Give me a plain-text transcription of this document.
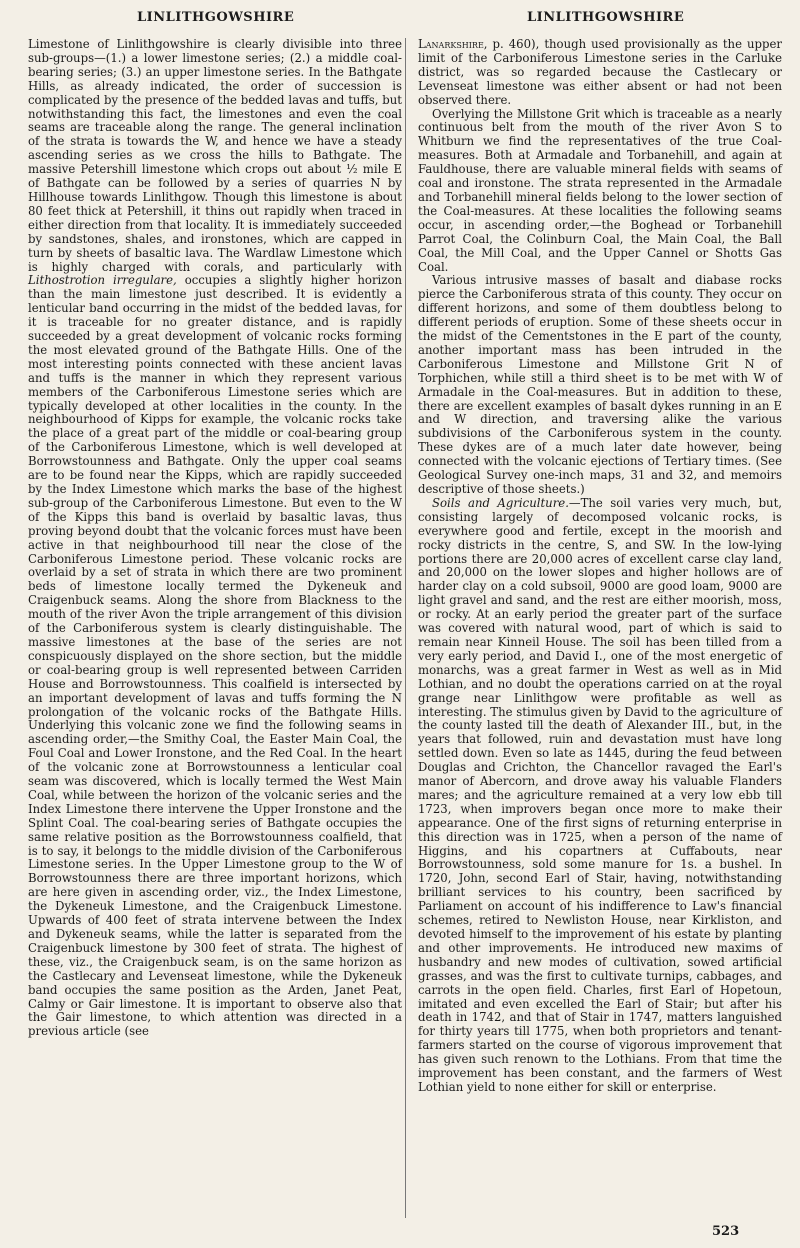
LINLITHGOWSHIRE	LINLITHGOWSHIRE

Limestone of Linlithgowshire is clearly divisible into three sub-groups—(1.) a lower limestone series; (2.) a middle coal-bearing series; (3.) an upper limestone series. In the Bathgate Hills, as already indicated, the order of succession is complicated by the presence of the bedded lavas and tuffs, but notwithstanding this fact, the limestones and even the coal seams are traceable along the range. The general inclination of the strata is towards the W, and hence we have a steady ascending series as we cross the hills to Bathgate. The massive Petershill limestone which crops out about ½ mile E of Bathgate can be followed by a series of quarries N by Hillhouse towards Linlithgow. Though this limestone is about 80 feet thick at Petershill, it thins out rapidly when traced in either direction from that locality. It is immediately succeeded by sandstones, shales, and ironstones, which are capped in turn by sheets of basaltic lava. The Wardlaw Limestone which is highly charged with corals, and particularly with Lithostrotion irregulare, occupies a slightly higher horizon than the main limestone just described. It is evidently a lenticular band occurring in the midst of the bedded lavas, for it is traceable for no greater distance, and is rapidly succeeded by a great development of volcanic rocks forming the most elevated ground of the Bathgate Hills. One of the most interesting points connected with these ancient lavas and tuffs is the manner in which they represent various members of the Carboniferous Limestone series which are typically developed at other localities in the county. In the neighbourhood of Kipps for example, the volcanic rocks take the place of a great part of the middle or coal-bearing group of the Carboniferous Limestone, which is well developed at Borrowstounness and Bathgate. Only the upper coal seams are to be found near the Kipps, which are rapidly succeeded by the Index Limestone which marks the base of the highest sub-group of the Carboniferous Limestone. But even to the W of the Kipps this band is overlaid by basaltic lavas, thus proving beyond doubt that the volcanic forces must have been active in that neighbourhood till near the close of the Carboniferous Limestone period. These volcanic rocks are overlaid by a set of strata in which there are two prominent beds of limestone locally termed the Dykeneuk and Craigenbuck seams. Along the shore from Blackness to the mouth of the river Avon the triple arrangement of this division of the Carboniferous system is clearly distinguishable. The massive limestones at the base of the series are not conspicuously displayed on the shore section, but the middle or coal-bearing group is well represented between Carriden House and Borrowstounness. This coalfield is intersected by an important development of lavas and tuffs forming the N prolongation of the volcanic rocks of the Bathgate Hills. Underlying this volcanic zone we find the following seams in ascending order,—the Smithy Coal, the Easter Main Coal, the Foul Coal and Lower Ironstone, and the Red Coal. In the heart of the volcanic zone at Borrowstounness a lenticular coal seam was discovered, which is locally termed the West Main Coal, while between the horizon of the volcanic series and the Index Limestone there intervene the Upper Ironstone and the Splint Coal. The coal-bearing series of Bathgate occupies the same relative position as the Borrowstounness coalfield, that is to say, it belongs to the middle division of the Carboniferous Limestone series. In the Upper Limestone group to the W of Borrowstounness there are three important horizons, which are here given in ascending order, viz., the Index Limestone, the Dykeneuk Limestone, and the Craigenbuck Limestone. Upwards of 400 feet of strata intervene between the Index and Dykeneuk seams, while the latter is separated from the Craigenbuck limestone by 300 feet of strata. The highest of these, viz., the Craigenbuck seam, is on the same horizon as the Castlecary and Levenseat limestone, while the Dykeneuk band occupies the same position as the Arden, Janet Peat, Calmy or Gair limestone. It is important to observe also that the Gair limestone, to which attention was directed in a previous article (see

Lanarkshire, p. 460), though used provisionally as the upper limit of the Carboniferous Limestone series in the Carluke district, was so regarded because the Castlecary or Levenseat limestone was either absent or had not been observed there.

Overlying the Millstone Grit which is traceable as a nearly continuous belt from the mouth of the river Avon S to Whitburn we find the representatives of the true Coal-measures. Both at Armadale and Torbanehill, and again at Fauldhouse, there are valuable mineral fields with seams of coal and ironstone. The strata represented in the Armadale and Torbanehill mineral fields belong to the lower section of the Coal-measures. At these localities the following seams occur, in ascending order,—the Boghead or Torbanehill Parrot Coal, the Colinburn Coal, the Main Coal, the Ball Coal, the Mill Coal, and the Upper Cannel or Shotts Gas Coal.

Various intrusive masses of basalt and diabase rocks pierce the Carboniferous strata of this county. They occur on different horizons, and some of them doubtless belong to different periods of eruption. Some of these sheets occur in the midst of the Cementstones in the E part of the county, another important mass has been intruded in the Carboniferous Limestone and Millstone Grit N of Torphichen, while still a third sheet is to be met with W of Armadale in the Coal-measures. But in addition to these, there are excellent examples of basalt dykes running in an E and W direction, and traversing alike the various subdivisions of the Carboniferous system in the county. These dykes are of a much later date however, being connected with the volcanic ejections of Tertiary times. (See Geological Survey one-inch maps, 31 and 32, and memoirs descriptive of those sheets.)

Soils and Agriculture.—The soil varies very much, but, consisting largely of decomposed volcanic rocks, is everywhere good and fertile, except in the moorish and rocky districts in the centre, S, and SW. In the low-lying portions there are 20,000 acres of excellent carse clay land, and 20,000 on the lower slopes and higher hollows are of harder clay on a cold subsoil, 9000 are good loam, 9000 are light gravel and sand, and the rest are either moorish, moss, or rocky. At an early period the greater part of the surface was covered with natural wood, part of which is said to remain near Kinneil House. The soil has been tilled from a very early period, and David I., one of the most energetic of monarchs, was a great farmer in West as well as in Mid Lothian, and no doubt the operations carried on at the royal grange near Linlithgow were profitable as well as interesting. The stimulus given by David to the agriculture of the county lasted till the death of Alexander III., but, in the years that followed, ruin and devastation must have long settled down. Even so late as 1445, during the feud between Douglas and Crichton, the Chancellor ravaged the Earl's manor of Abercorn, and drove away his valuable Flanders mares; and the agriculture remained at a very low ebb till 1723, when improvers began once more to make their appearance. One of the first signs of returning enterprise in this direction was in 1725, when a person of the name of Higgins, and his copartners at Cuffabouts, near Borrowstounness, sold some manure for 1s. a bushel. In 1720, John, second Earl of Stair, having, notwithstanding brilliant services to his country, been sacrificed by Parliament on account of his indifference to Law's financial schemes, retired to Newliston House, near Kirkliston, and devoted himself to the improvement of his estate by planting and other improvements. He introduced new maxims of husbandry and new modes of cultivation, sowed artificial grasses, and was the first to cultivate turnips, cabbages, and carrots in the open field. Charles, first Earl of Hopetoun, imitated and even excelled the Earl of Stair; but after his death in 1742, and that of Stair in 1747, matters languished for thirty years till 1775, when both proprietors and tenant-farmers started on the course of vigorous improvement that has given such renown to the Lothians. From that time the improvement has been constant, and the farmers of West Lothian yield to none either for skill or enterprise.

523
